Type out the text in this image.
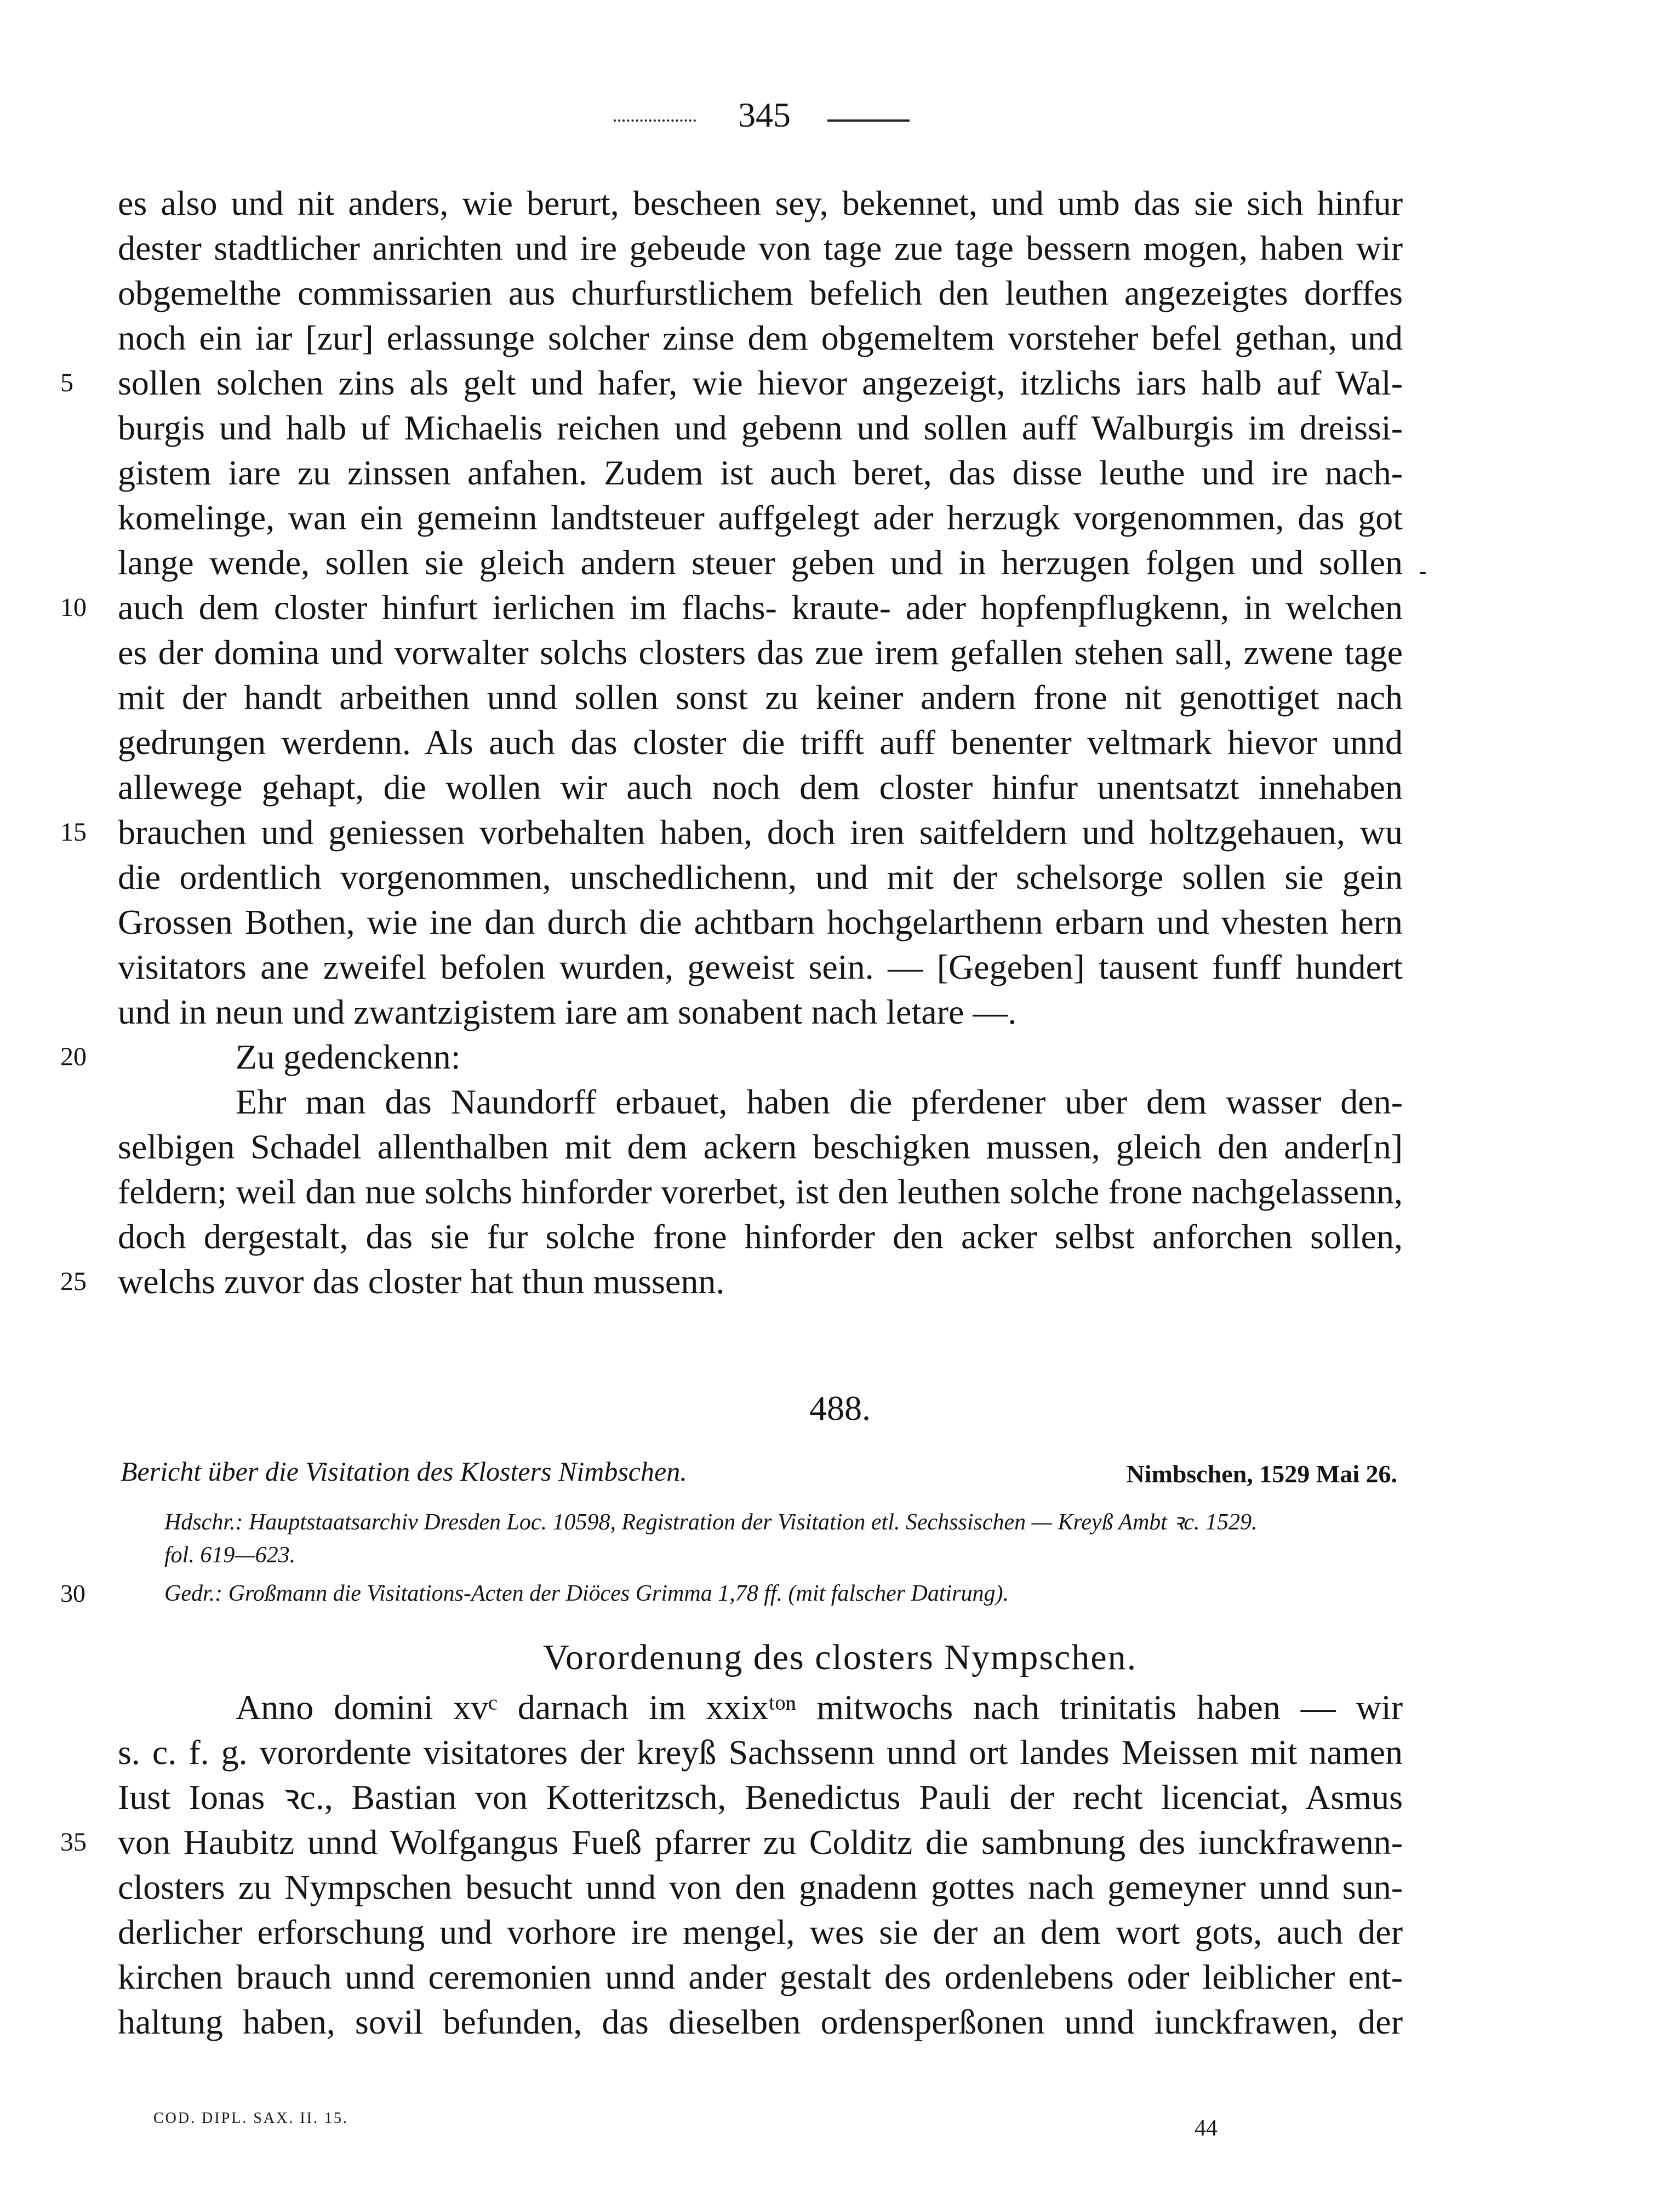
345
es also und nit anders, wie berurt, bescheen sey, bekennet, und umb das sie sich hinfur
dester stadtlicher anrichten und ire gebeude von tage zue tage bessern mogen, haben wir
obgemelthe commissarien aus churfurstlichem befelich den leuthen angezeigtes dorffes
noch ein iar [zur] erlassunge solcher zinse dem obgemeltem vorsteher befel gethan, und
5	sollen solchen zins als gelt und hafer, wie hievor angezeigt, itzlichs iars halb auf Wal-
burgis und halb uf Michaelis reichen und gebenn und sollen auff Walburgis im dreissi-
gistem iare zu zinssen anfahen. Zudem ist auch beret, das disse leuthe und ire nach-
komelinge, wan ein gemeinn landtsteuer auffgelegt ader herzugk vorgenommen, das got
lange wende, sollen sie gleich andern steuer geben und in herzugen folgen und sollen ‐
10 auch dem closter hinfurt ierlichen im flachs- kraute- ader hopfenpflugkenn, in welchen
es der domina und vorwalter solchs closters das zue irem gefallen stehen sall, zwene tage
mit der handt arbeithen unnd sollen sonst zu keiner andern frone nit genottiget nach
gedrungen werdenn. Als auch das closter die trifft auff benenter veltmark hievor unnd
allewege gehapt, die wollen wir auch noch dem closter hinfur unentsatzt innehaben
15 brauchen und geniessen vorbehalten haben, doch iren saitfeldern und holtzgehauen, wu
die ordentlich vorgenommen, unschedlichenn, und mit der schelsorge sollen sie gein
Grossen Bothen, wie ine dan durch die achtbarn hochgelarthenn erbarn und vhesten hern
visitators ane zweifel befolen wurden, geweist sein. — [Gegeben] tausent funff hundert
und in neun und zwantzigistem iare am sonabent nach letare —.
20	Zu gedenckenn:
Ehr man das Naundorff erbauet, haben die pferdener uber dem wasser den-
selbigen Schadel allenthalben mit dem ackern beschigken mussen, gleich den ander[n]
feldern; weil dan nue solchs hinforder vorerbet, ist den leuthen solche frone nachgelassenn,
doch dergestalt, das sie fur solche frone hinforder den acker selbst anforchen sollen,
25 welchs zuvor das closter hat thun mussenn.
488.
Bericht über die Visitation des Klosters Nimbschen.	Nimbschen, 1529 Mai 26.
Hdschr.: Hauptstaatsarchiv Dresden Loc. 10598, Registration der Visitation etl. Sechssischen — Kreyß Ambt ꝛc. 1529.
fol. 619—623.
30	Gedr.: Großmann die Visitations-Acten der Diöces Grimma 1,78 ff. (mit falscher Datirung).
Vorordenung des closters Nympschen.
Anno domini xvᶜ darnach im xxixᵗᵒⁿ mitwochs nach trinitatis haben — wir
s. c. f. g. vorordente visitatores der kreyß Sachssenn unnd ort landes Meissen mit namen
Iust Ionas ꝛc., Bastian von Kotteritzsch, Benedictus Pauli der recht licenciat, Asmus
35 von Haubitz unnd Wolfgangus Fueß pfarrer zu Colditz die sambnung des iunckfrawenn-
closters zu Nympschen besucht unnd von den gnadenn gottes nach gemeyner unnd sun-
derlicher erforschung und vorhore ire mengel, wes sie der an dem wort gots, auch der
kirchen brauch unnd ceremonien unnd ander gestalt des ordenlebens oder leiblicher ent-
haltung haben, sovil befunden, das dieselben ordensperßonen unnd iunckfrawen, der
COD. DIPL. SAX. II. 15.	44
